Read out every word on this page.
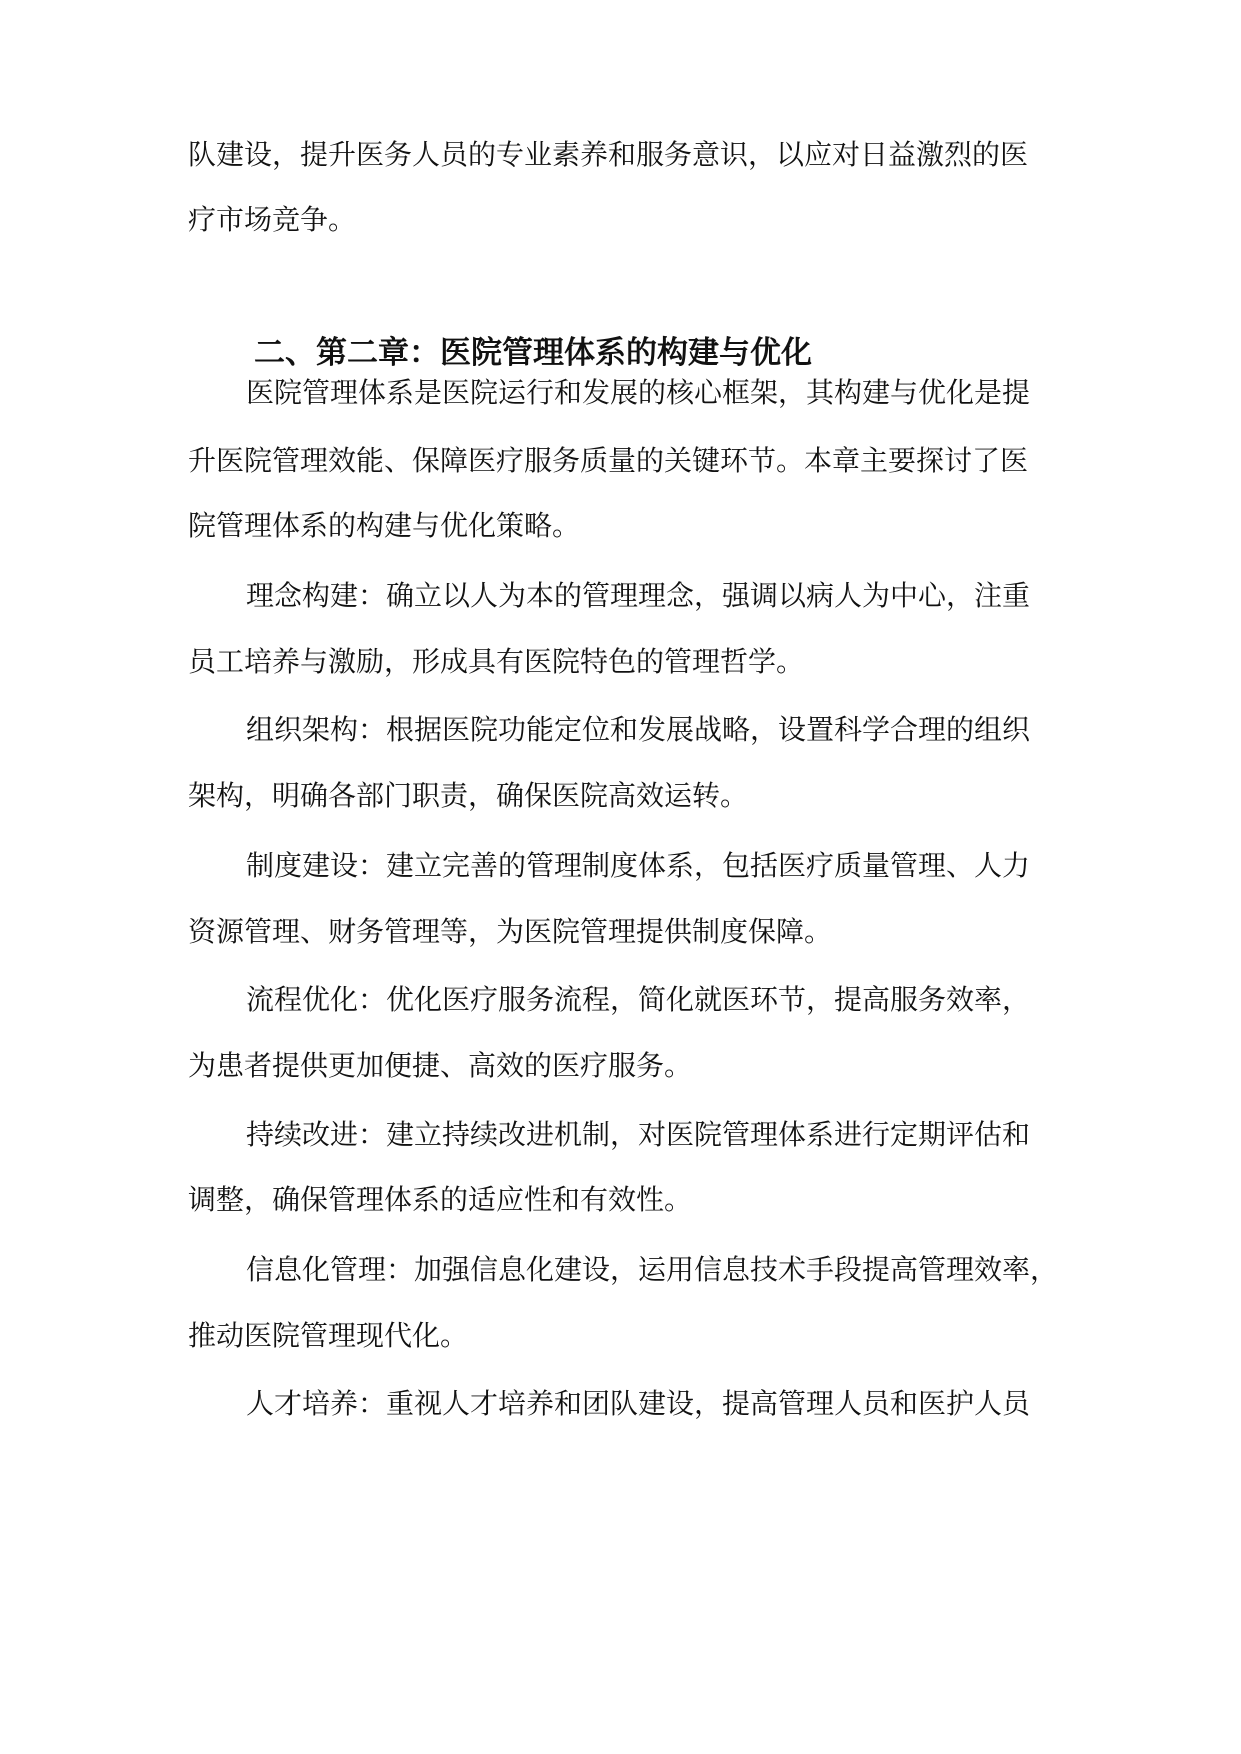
队建设，提升医务人员的专业素养和服务意识，以应对日益激烈的医

疗市场竞争。

二、第二章：医院管理体系的构建与优化

医院管理体系是医院运行和发展的核心框架，其构建与优化是提

升医院管理效能、保障医疗服务质量的关键环节。本章主要探讨了医

院管理体系的构建与优化策略。

理念构建：确立以人为本的管理理念，强调以病人为中心，注重

员工培养与激励，形成具有医院特色的管理哲学。

组织架构：根据医院功能定位和发展战略，设置科学合理的组织

架构，明确各部门职责，确保医院高效运转。

制度建设：建立完善的管理制度体系，包括医疗质量管理、人力

资源管理、财务管理等，为医院管理提供制度保障。

流程优化：优化医疗服务流程，简化就医环节，提高服务效率，

为患者提供更加便捷、高效的医疗服务。

持续改进：建立持续改进机制，对医院管理体系进行定期评估和

调整，确保管理体系的适应性和有效性。

信息化管理：加强信息化建设，运用信息技术手段提高管理效率，

推动医院管理现代化。

人才培养：重视人才培养和团队建设，提高管理人员和医护人员
